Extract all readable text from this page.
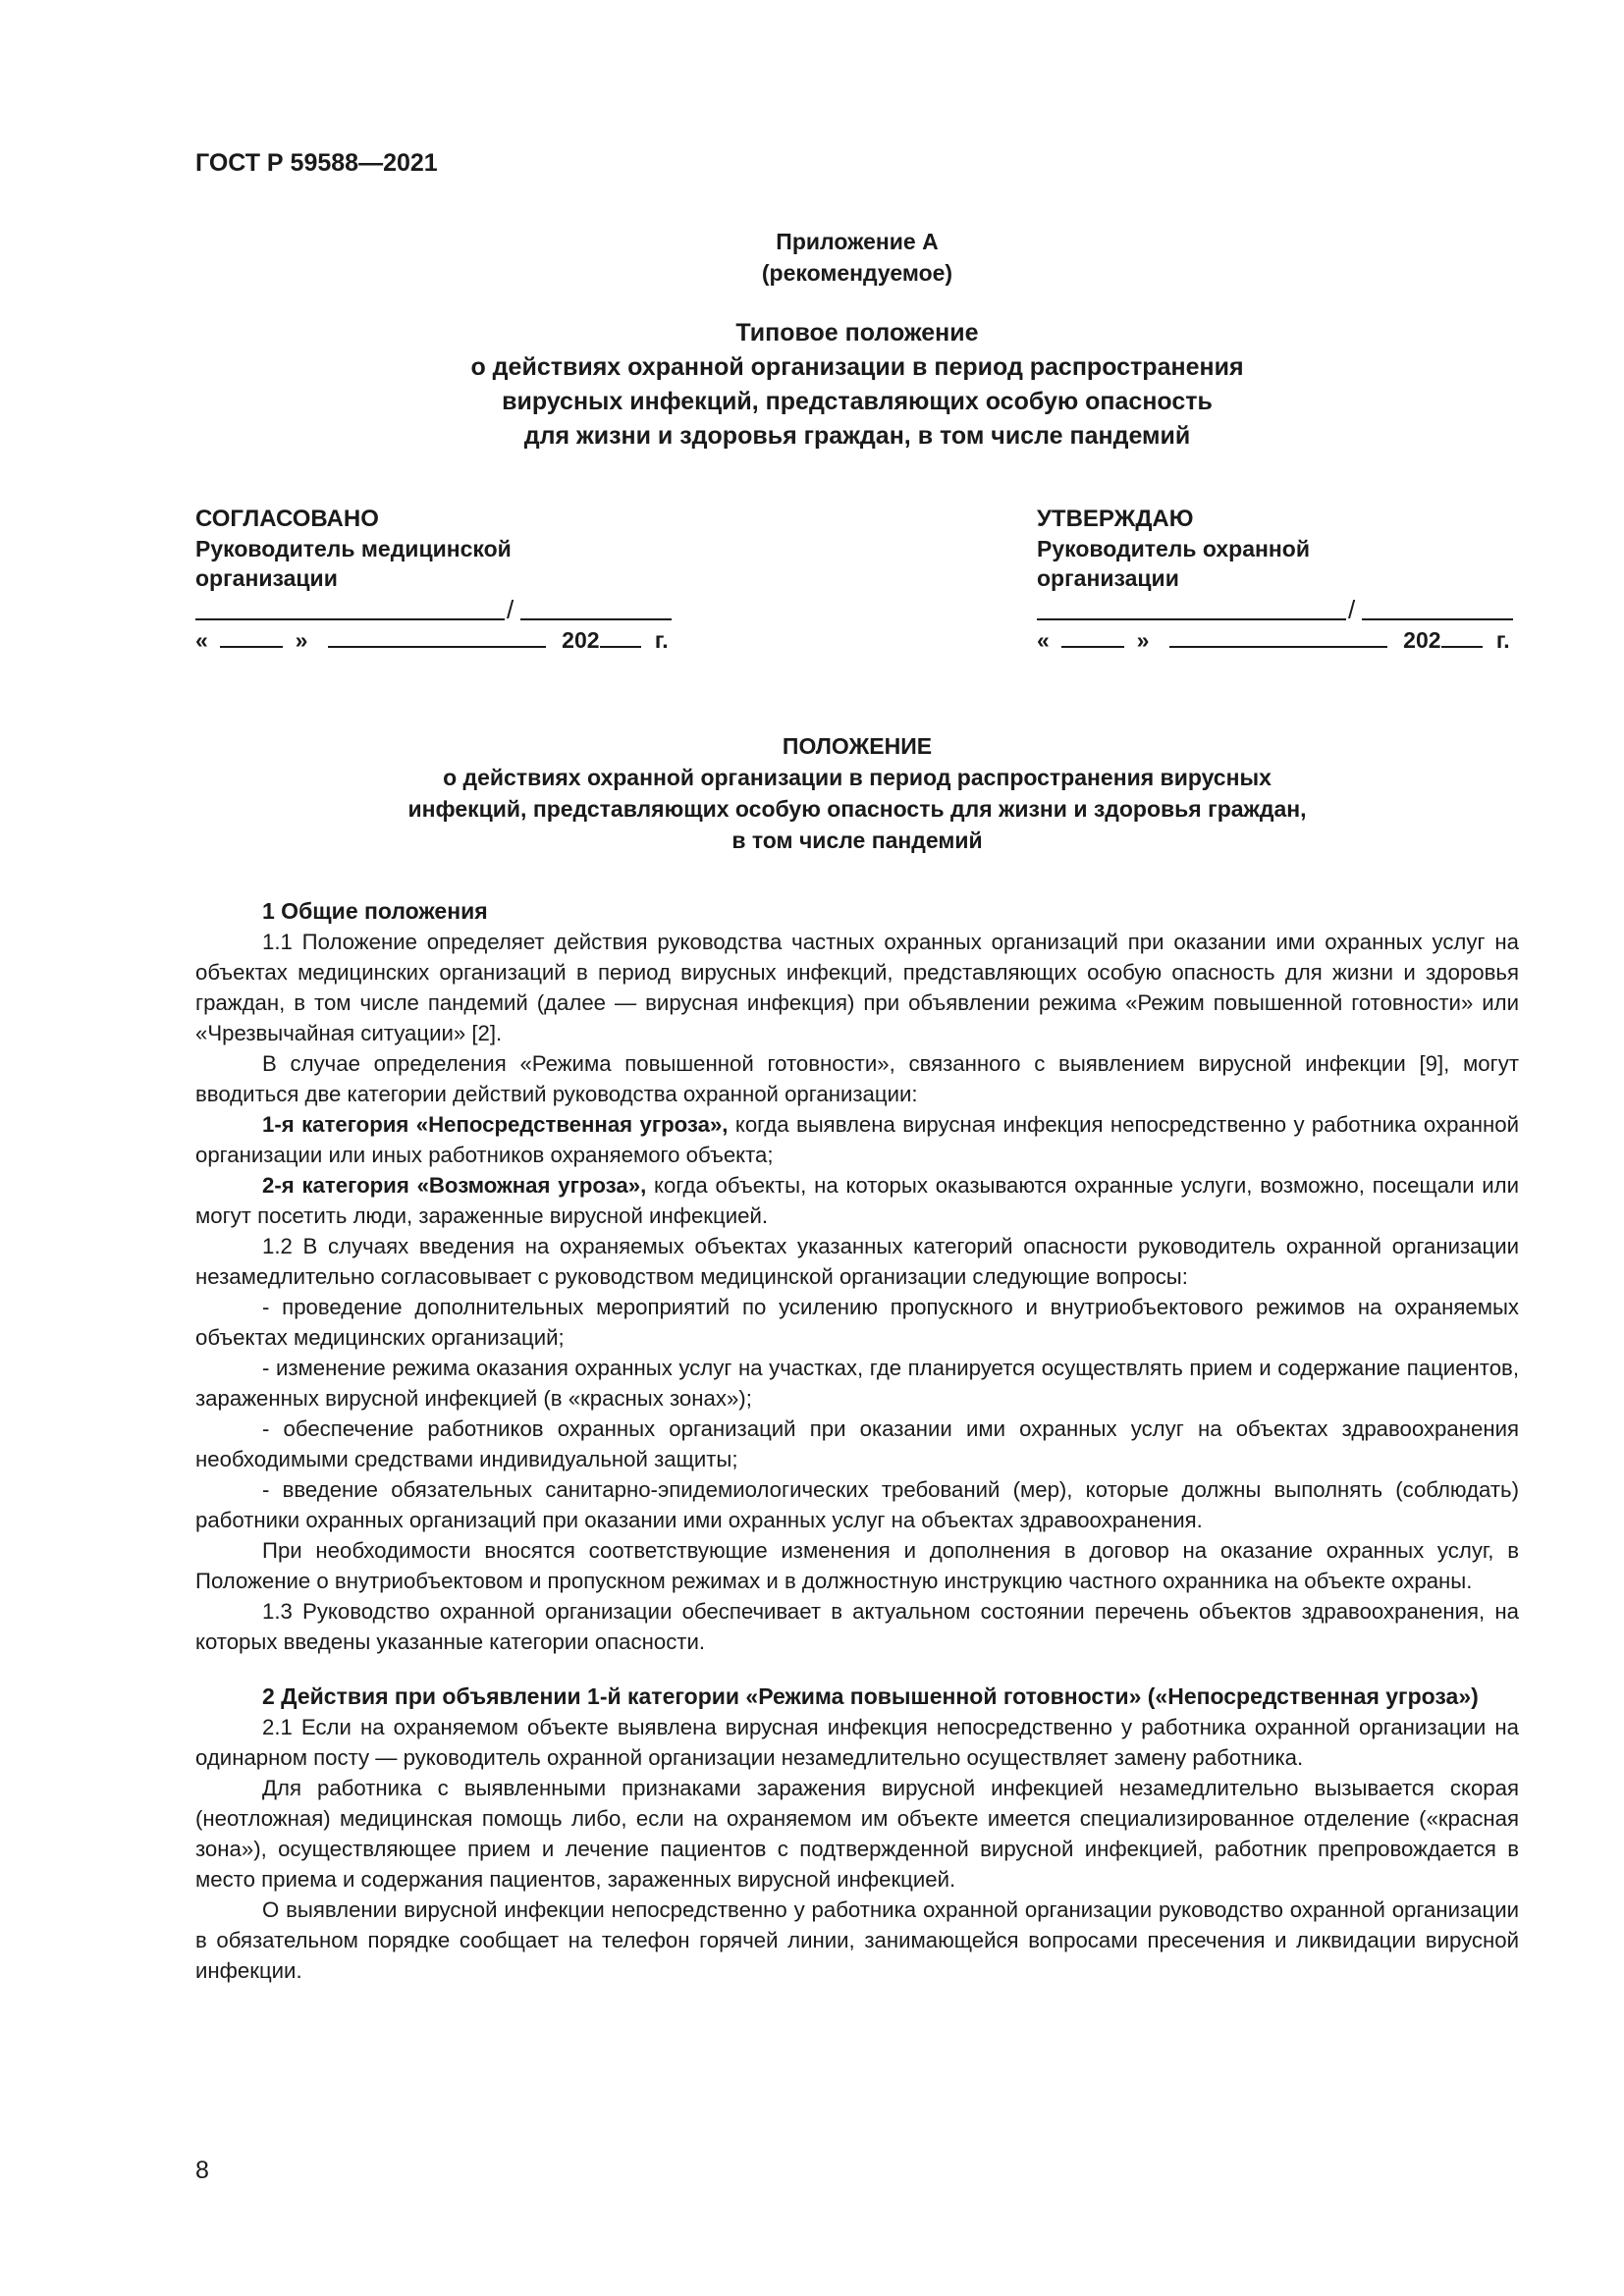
ГОСТ Р 59588—2021
Приложение А
(рекомендуемое)
Типовое положение
о действиях охранной организации в период распространения
вирусных инфекций, представляющих особую опасность
для жизни и здоровья граждан, в том числе пандемий
СОГЛАСОВАНО
Руководитель медицинской
организации
/
«	»	202 г.
УТВЕРЖДАЮ
Руководитель охранной
организации
/
«	»	202 г.
ПОЛОЖЕНИЕ
о действиях охранной организации в период распространения вирусных
инфекций, представляющих особую опасность для жизни и здоровья граждан,
в том числе пандемий
1 Общие положения

1.1 Положение определяет действия руководства частных охранных организаций при оказании ими охранных услуг на объектах медицинских организаций в период вирусных инфекций, представляющих особую опасность для жизни и здоровья граждан, в том числе пандемий (далее — вирусная инфекция) при объявлении режима «Режим повышенной готовности» или «Чрезвычайная ситуации» [2].

В случае определения «Режима повышенной готовности», связанного с выявлением вирусной инфекции [9], могут вводиться две категории действий руководства охранной организации:

1-я категория «Непосредственная угроза», когда выявлена вирусная инфекция непосредственно у работника охранной организации или иных работников охраняемого объекта;

2-я категория «Возможная угроза», когда объекты, на которых оказываются охранные услуги, возможно, посещали или могут посетить люди, зараженные вирусной инфекцией.

1.2 В случаях введения на охраняемых объектах указанных категорий опасности руководитель охранной организации незамедлительно согласовывает с руководством медицинской организации следующие вопросы:

- проведение дополнительных мероприятий по усилению пропускного и внутриобъектового режимов на охраняемых объектах медицинских организаций;

- изменение режима оказания охранных услуг на участках, где планируется осуществлять прием и содержание пациентов, зараженных вирусной инфекцией (в «красных зонах»);

- обеспечение работников охранных организаций при оказании ими охранных услуг на объектах здравоохранения необходимыми средствами индивидуальной защиты;

- введение обязательных санитарно-эпидемиологических требований (мер), которые должны выполнять (соблюдать) работники охранных организаций при оказании ими охранных услуг на объектах здравоохранения.

При необходимости вносятся соответствующие изменения и дополнения в договор на оказание охранных услуг, в Положение о внутриобъектовом и пропускном режимах и в должностную инструкцию частного охранника на объекте охраны.

1.3 Руководство охранной организации обеспечивает в актуальном состоянии перечень объектов здравоохранения, на которых введены указанные категории опасности.

2 Действия при объявлении 1-й категории «Режима повышенной готовности» («Непосредственная угроза»)

2.1 Если на охраняемом объекте выявлена вирусная инфекция непосредственно у работника охранной организации на одинарном посту — руководитель охранной организации незамедлительно осуществляет замену работника.

Для работника с выявленными признаками заражения вирусной инфекцией незамедлительно вызывается скорая (неотложная) медицинская помощь либо, если на охраняемом им объекте имеется специализированное отделение («красная зона»), осуществляющее прием и лечение пациентов с подтвержденной вирусной инфекцией, работник препровождается в место приема и содержания пациентов, зараженных вирусной инфекцией.

О выявлении вирусной инфекции непосредственно у работника охранной организации руководство охранной организации в обязательном порядке сообщает на телефон горячей линии, занимающейся вопросами пресечения и ликвидации вирусной инфекции.

8
